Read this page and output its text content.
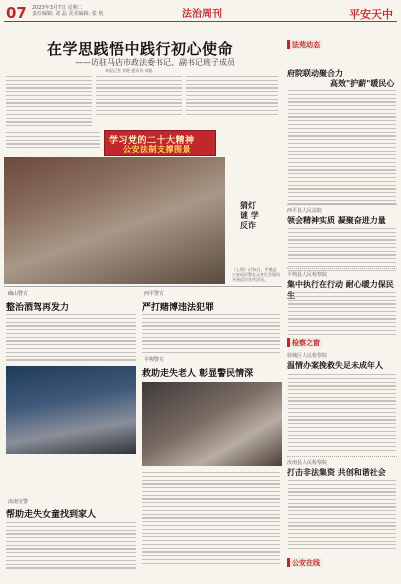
07 2023年3月7日 星期二
责任编辑: 刘 晶 美术编辑: 张 航	法治周刊	平安天中
在学思践悟中践行初心使命
——访驻马店市政法委书记、副书记班子成员
本报记者 刘艳 通讯员 刘聪
学习党的二十大精神
公安法制支撑图景
猜灯谜 学反诈
（上图）2月5日，平舆县公安局民警在元宵灯会现场开展反诈宣传活动。
法苑动态
府院联动聚合力
高效"护薪"暖民心
西平县人民法院
领会精神实质 凝聚奋进力量
平舆县人民检察院
集中执行在行动 耐心暖力保民
确山警方
整治酒驾再发力
汝南交警
帮助走失女童找到家人
西平警方
严打赌博违法犯罪
平舆警方
救助走失老人 彰显警民情深
检察之窗
驿城区人民检察院
温情办案挽救失足未成年人
汝南县人民检察院
打击非法集资 共创和谐社会
公安在线
